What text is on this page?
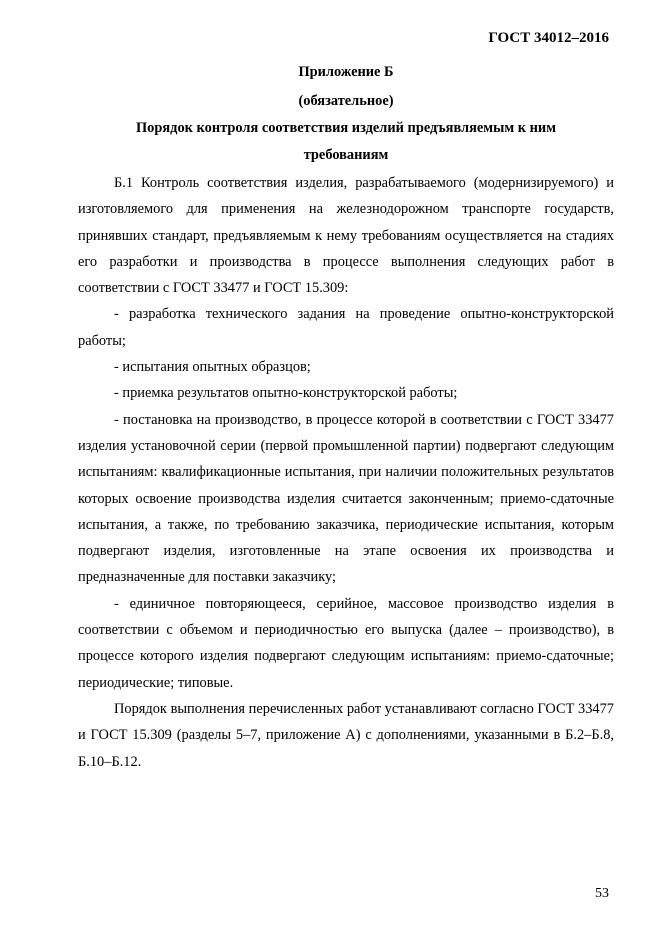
ГОСТ 34012–2016
Приложение Б
(обязательное)
Порядок контроля соответствия изделий предъявляемым к ним
требованиям

Б.1 Контроль соответствия изделия, разрабатываемого (модернизируемого) и изготовляемого для применения на железнодорожном транспорте государств, принявших стандарт, предъявляемым к нему требованиям осуществляется на стадиях его разработки и производства в процессе выполнения следующих работ в соответствии с ГОСТ 33477 и ГОСТ 15.309:

- разработка технического задания на проведение опытно-конструкторской работы;

- испытания опытных образцов;

- приемка результатов опытно-конструкторской работы;

- постановка на производство, в процессе которой в соответствии с ГОСТ 33477 изделия установочной серии (первой промышленной партии) подвергают следующим испытаниям: квалификационные испытания, при наличии положительных результатов которых освоение производства изделия считается законченным; приемо-сдаточные испытания, а также, по требованию заказчика, периодические испытания, которым подвергают изделия, изготовленные на этапе освоения их производства и предназначенные для поставки заказчику;

- единичное повторяющееся, серийное, массовое производство изделия в соответствии с объемом и периодичностью его выпуска (далее – производство), в процессе которого изделия подвергают следующим испытаниям: приемо-сдаточные; периодические; типовые.

Порядок выполнения перечисленных работ устанавливают согласно ГОСТ 33477 и ГОСТ 15.309 (разделы 5–7, приложение А) с дополнениями, указанными в Б.2–Б.8, Б.10–Б.12.

53
